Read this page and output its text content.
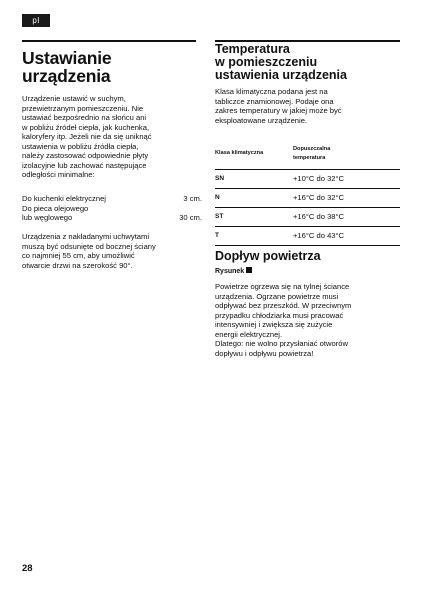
pl
Ustawianie
urządzenia
Urządzenie ustawić w suchym,
przewietrzanym pomieszczeniu. Nie
ustawiać bezpośrednio na słońcu ani
w pobliżu źródeł ciepła, jak kuchenka,
kaloryfery itp. Jeżeli nie da się uniknąć
ustawienia w pobliżu źródła ciepła,
należy zastosować odpowiednie płyty
izolacyjne lub zachować następujące
odległości minimalne:
Do kuchenki elektrycznej	3 cm.
Do pieca olejowego
lub węglowego	30 cm.
Urządzenia z nakładanymi uchwytami
muszą być odsunięte od bocznej ściany
co najmniej 55 cm, aby umożliwić
otwarcie drzwi na szerokość 90°.
Temperatura
w pomieszczeniu
ustawienia urządzenia
Klasa klimatyczna podana jest na
tabliczce znamionowej. Podaje ona
zakres temperatury w jakiej może być
eksploatowane urządzenie.
Klasa klimatyczna	Dopuszczalna
temperatura

SN	+10°C do 32°C
N	+16°C do 32°C
ST	+16°C do 38°C
T	+16°C do 43°C
Dopływ powietrza
Rysunek
Powietrze ogrzewa się na tylnej ściance
urządzenia. Ogrzane powietrze musi
odpływać bez przeszkód. W przeciwnym
przypadku chłodziarka musi pracować
intensywniej i zwiększa się zużycie
energii elektrycznej.
Dlatego: nie wolno przysłaniać otworów
dopływu i odpływu powietrza!
28
